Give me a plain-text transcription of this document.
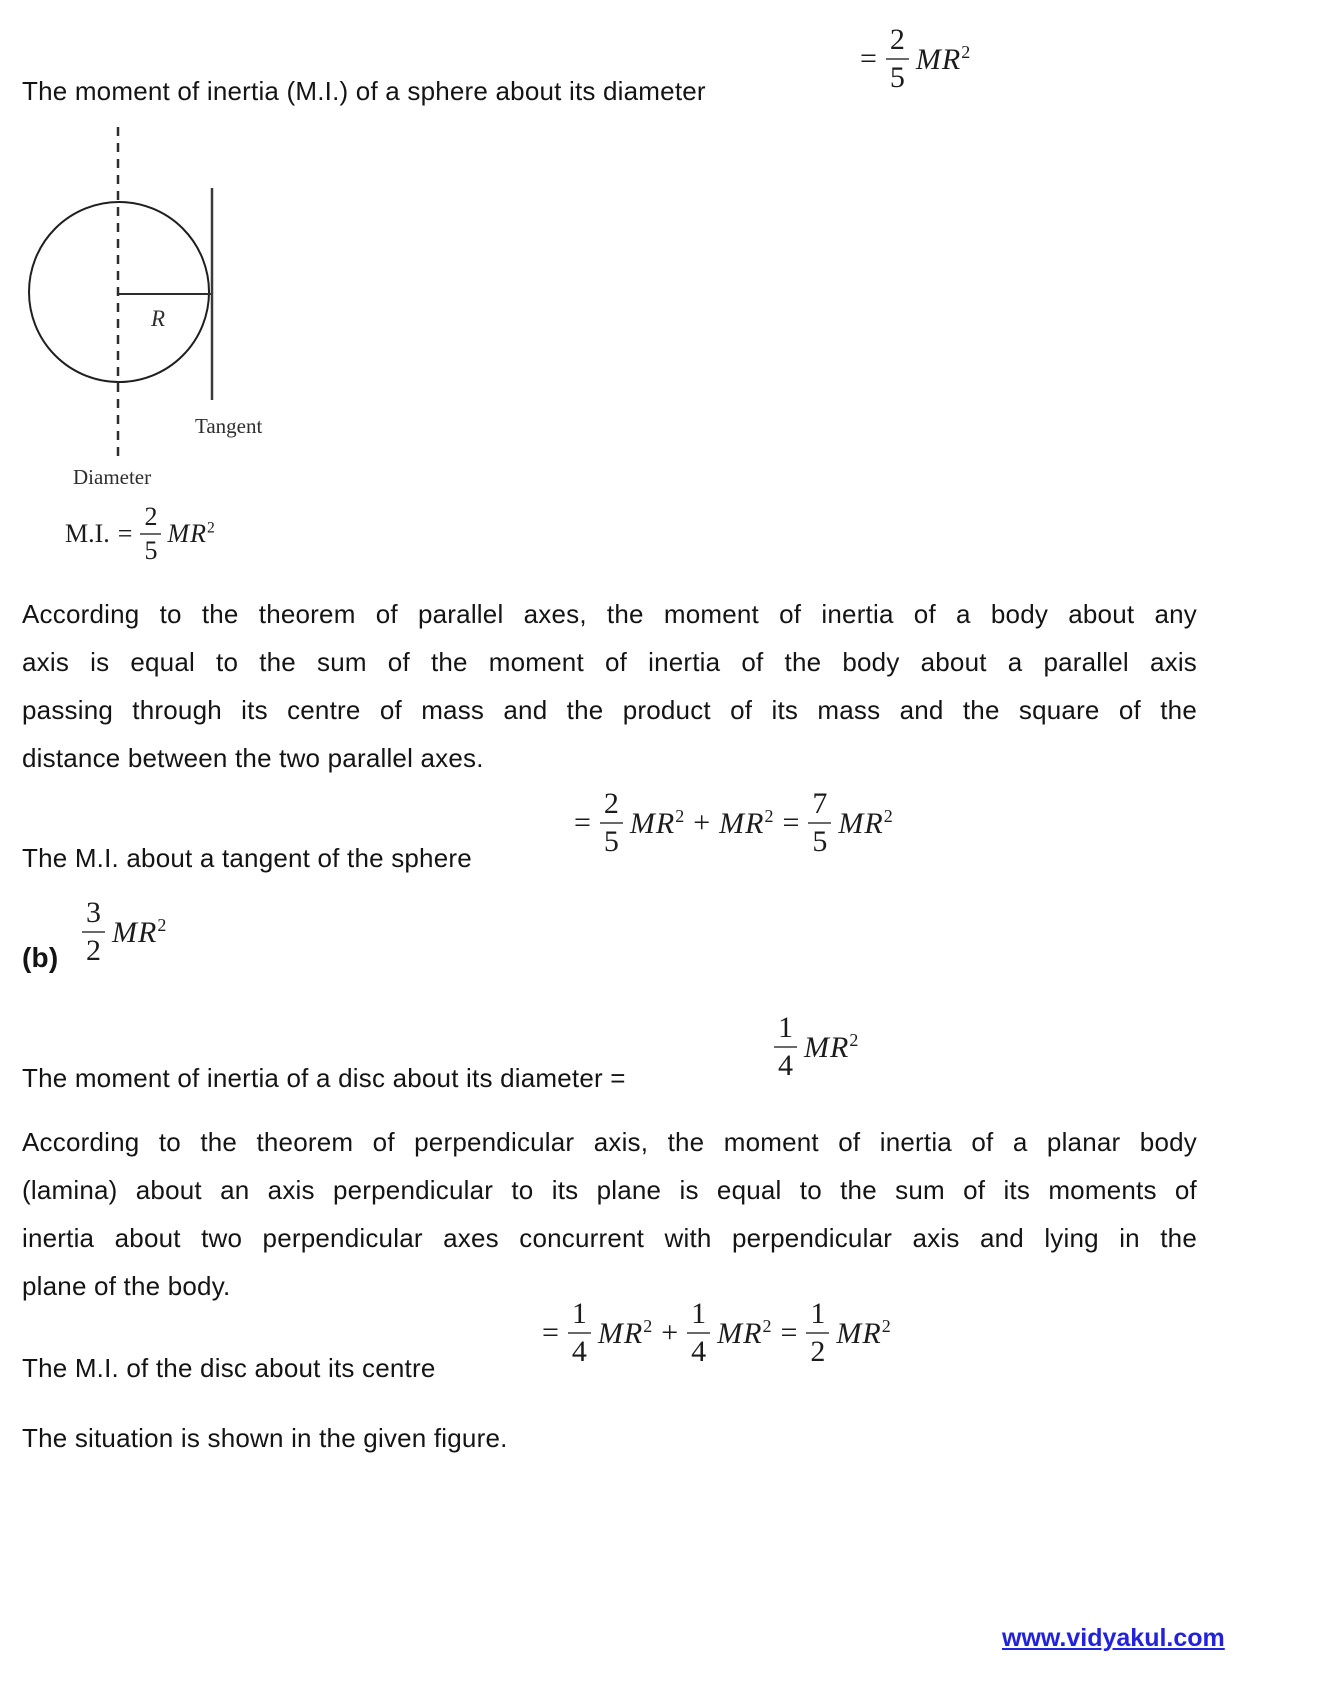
= $\frac{2}{5} MR^2$
The moment of inertia (M.I.) of a sphere about its diameter
R
Tangent
Diameter
M.I. = $\frac{2}{5} MR^2$
According to the theorem of parallel axes, the moment of inertia of a body about any
axis is equal to the sum of the moment of inertia of the body about a parallel axis
passing through its centre of mass and the product of its mass and the square of the
distance between the two parallel axes.
= $\frac{2}{5} MR^2 + MR^2 = \frac{7}{5} MR^2$
The M.I. about a tangent of the sphere
$(b) \frac{3}{2} MR^2$
$\frac{1}{4} MR^2$
The moment of inertia of a disc about its diameter =
According to the theorem of perpendicular axis, the moment of inertia of a planar body
(lamina) about an axis perpendicular to its plane is equal to the sum of its moments of
inertia about two perpendicular axes concurrent with perpendicular axis and lying in the
plane of the body.
= $\frac{1}{4} MR^2 + \frac{1}{4} MR^2 = \frac{1}{2} MR^2$
The M.I. of the disc about its centre
The situation is shown in the given figure.
www.vidyakul.com
